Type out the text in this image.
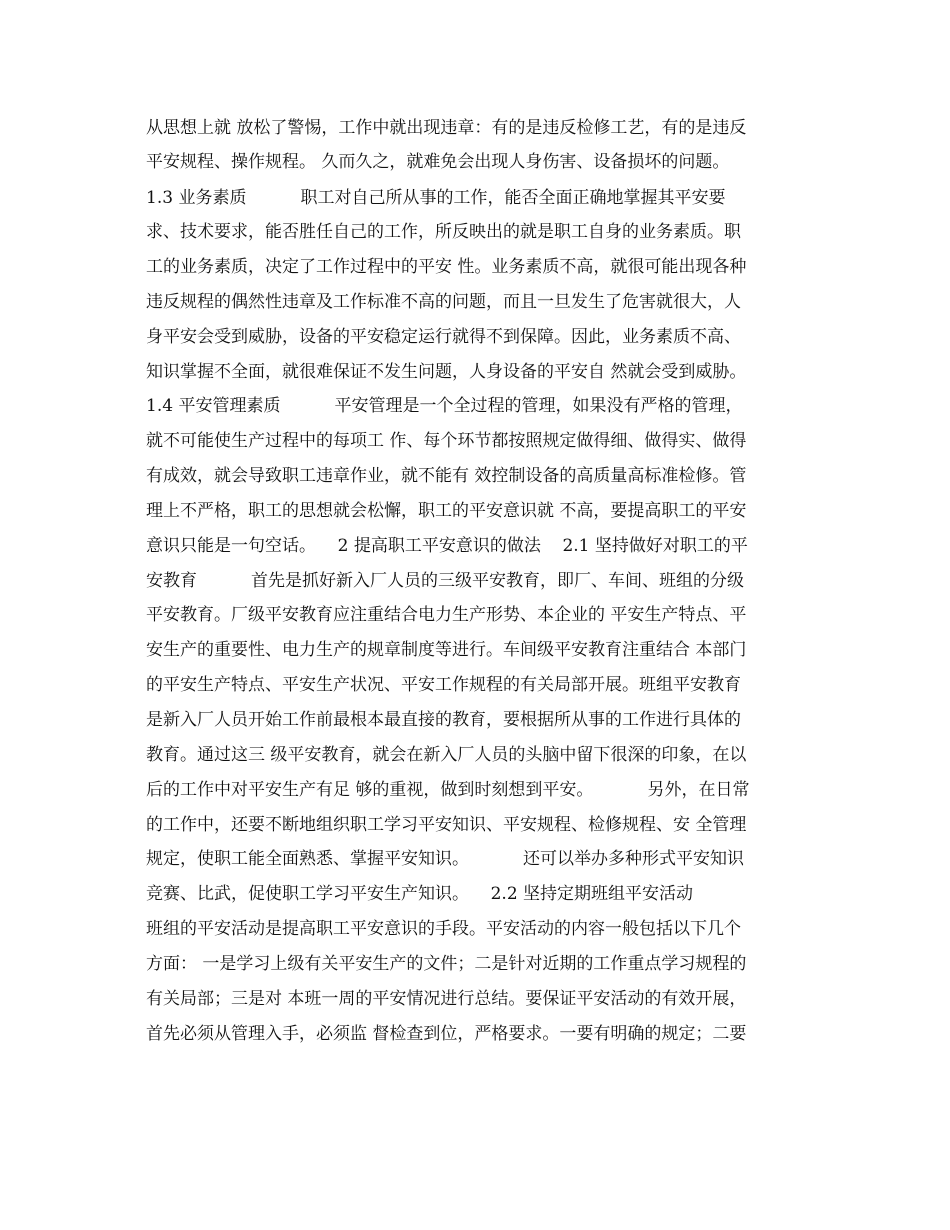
从思想上就 放松了警惕，工作中就出现违章：有的是违反检修工艺，有的是违反
平安规程、操作规程。 久而久之，就难免会出现人身伤害、设备损坏的问题。
1.3 业务素质          职工对自己所从事的工作，能否全面正确地掌握其平安要
求、技术要求，能否胜任自己的工作，所反映出的就是职工自身的业务素质。职
工的业务素质，决定了工作过程中的平安 性。业务素质不高，就很可能出现各种
违反规程的偶然性违章及工作标准不高的问题，而且一旦发生了危害就很大，人
身平安会受到威胁，设备的平安稳定运行就得不到保障。因此，业务素质不高、
知识掌握不全面，就很难保证不发生问题，人身设备的平安自 然就会受到威胁。
1.4 平安管理素质          平安管理是一个全过程的管理，如果没有严格的管理，
就不可能使生产过程中的每项工 作、每个环节都按照规定做得细、做得实、做得
有成效，就会导致职工违章作业，就不能有 效控制设备的高质量高标准检修。管
理上不严格，职工的思想就会松懈，职工的平安意识就 不高，要提高职工的平安
意识只能是一句空话。    2 提高职工平安意识的做法    2.1 坚持做好对职工的平
安教育          首先是抓好新入厂人员的三级平安教育，即厂、车间、班组的分级
平安教育。厂级平安教育应注重结合电力生产形势、本企业的 平安生产特点、平
安生产的重要性、电力生产的规章制度等进行。车间级平安教育注重结合 本部门
的平安生产特点、平安生产状况、平安工作规程的有关局部开展。班组平安教育
是新入厂人员开始工作前最根本最直接的教育，要根据所从事的工作进行具体的
教育。通过这三 级平安教育，就会在新入厂人员的头脑中留下很深的印象，在以
后的工作中对平安生产有足 够的重视，做到时刻想到平安。          另外，在日常
的工作中，还要不断地组织职工学习平安知识、平安规程、检修规程、安 全管理
规定，使职工能全面熟悉、掌握平安知识。          还可以举办多种形式平安知识
竞赛、比武，促使职工学习平安生产知识。    2.2 坚持定期班组平安活动
班组的平安活动是提高职工平安意识的手段。平安活动的内容一般包括以下几个
方面： 一是学习上级有关平安生产的文件；二是针对近期的工作重点学习规程的
有关局部；三是对 本班一周的平安情况进行总结。要保证平安活动的有效开展，
首先必须从管理入手，必须监 督检查到位，严格要求。一要有明确的规定；二要
